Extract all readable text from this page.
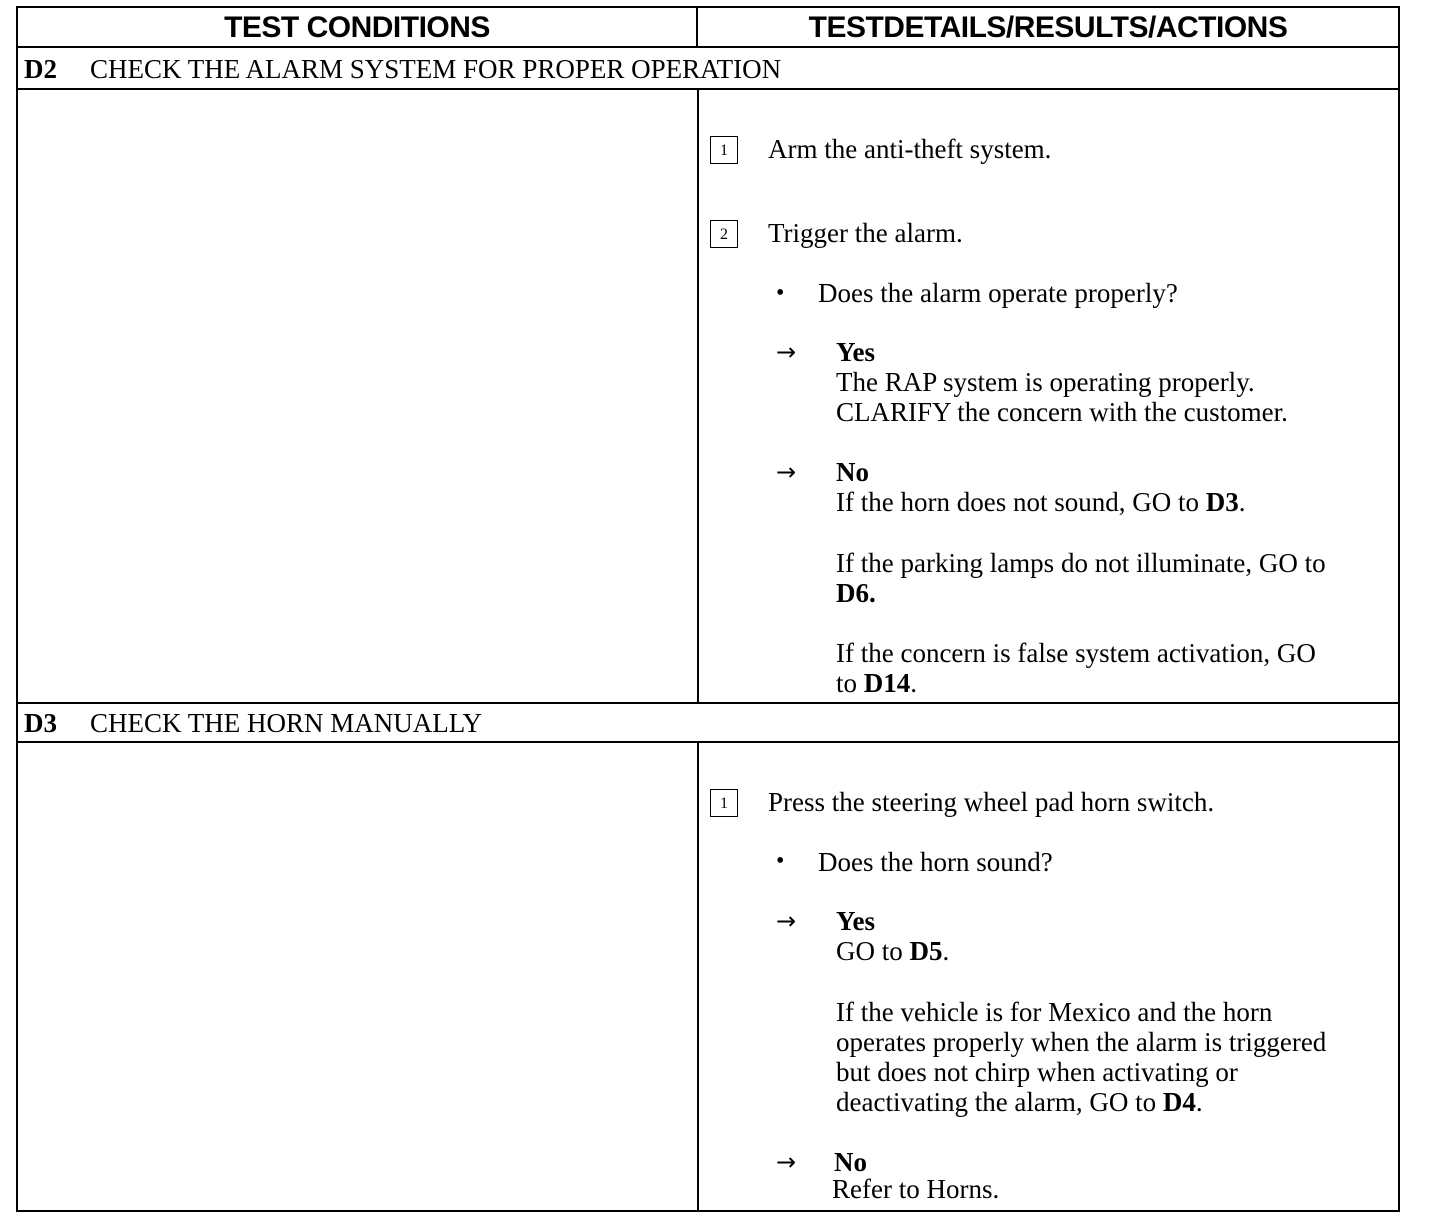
TEST CONDITIONS	TESTDETAILS/RESULTS/ACTIONS
D2 CHECK THE ALARM SYSTEM FOR PROPER OPERATION
1	Arm the anti-theft system.
2	Trigger the alarm.
• Does the alarm operate properly?
→ Yes
The RAP system is operating properly.
CLARIFY the concern with the customer.
→ No
If the horn does not sound, GO to D3.
If the parking lamps do not illuminate, GO to
D6.
If the concern is false system activation, GO
to D14.
D3 CHECK THE HORN MANUALLY
1	Press the steering wheel pad horn switch.
• Does the horn sound?
→ Yes
GO to D5.
If the vehicle is for Mexico and the horn
operates properly when the alarm is triggered
but does not chirp when activating or
deactivating the alarm, GO to D4.
→ No
Refer to Horns.
